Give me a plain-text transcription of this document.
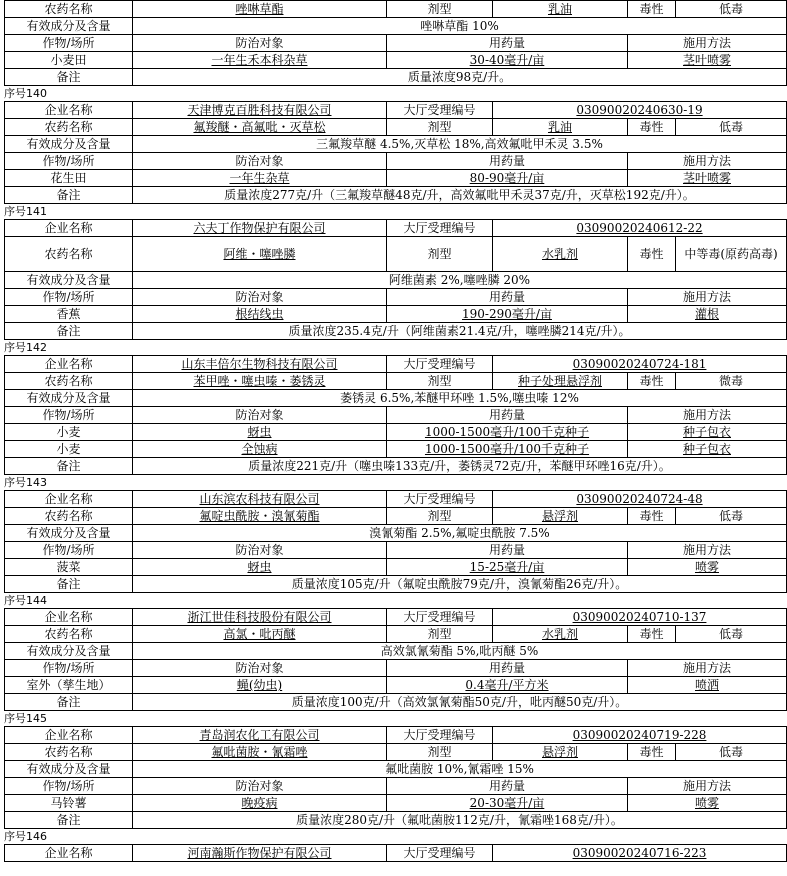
农药名称	唑啉草酯	剂型	乳油	毒性	低毒
有效成分及含量	唑啉草酯 10%
作物/场所	防治对象	用药量	施用方法
小麦田	一年生禾本科杂草	30-40毫升/亩	茎叶喷雾
备注	质量浓度98克/升。
序号 140
企业名称	天津博克百胜科技有限公司	大厅受理编号	03090020240630-19
农药名称	氟羧醚・高氟吡・灭草松	剂型	乳油	毒性	低毒
有效成分及含量	三氟羧草醚 4.5%,灭草松 18%,高效氟吡甲禾灵 3.5%
作物/场所	防治对象	用药量	施用方法
花生田	一年生杂草	80-90毫升/亩	茎叶喷雾
备注	质量浓度277克/升（三氟羧草醚48克/升，高效氟吡甲禾灵37克/升，灭草松192克/升）。
序号 141
企业名称	六夫丁作物保护有限公司	大厅受理编号	03090020240612-22
农药名称	阿维・噻唑膦	剂型	水乳剂	毒性	中等毒(原药高毒)
有效成分及含量	阿维菌素 2%,噻唑膦 20%
作物/场所	防治对象	用药量	施用方法
香蕉	根结线虫	190-290毫升/亩	灌根
备注	质量浓度235.4克/升（阿维菌素21.4克/升，噻唑膦214克/升）。
序号 142
企业名称	山东丰倍尔生物科技有限公司	大厅受理编号	03090020240724-181
农药名称	苯甲唑・噻虫嗪・萎锈灵	剂型	种子处理悬浮剂	毒性	微毒
有效成分及含量	萎锈灵 6.5%,苯醚甲环唑 1.5%,噻虫嗪 12%
作物/场所	防治对象	用药量	施用方法
小麦	蚜虫	1000-1500毫升/100千克种子	种子包衣
小麦	全蚀病	1000-1500毫升/100千克种子	种子包衣
备注	质量浓度221克/升（噻虫嗪133克/升，萎锈灵72克/升，苯醚甲环唑16克/升）。
序号 143
企业名称	山东滨农科技有限公司	大厅受理编号	03090020240724-48
农药名称	氟啶虫酰胺・溴氰菊酯	剂型	悬浮剂	毒性	低毒
有效成分及含量	溴氰菊酯 2.5%,氟啶虫酰胺 7.5%
作物/场所	防治对象	用药量	施用方法
菠菜	蚜虫	15-25毫升/亩	喷雾
备注	质量浓度105克/升（氟啶虫酰胺79克/升，溴氰菊酯26克/升）。
序号 144
企业名称	浙江世佳科技股份有限公司	大厅受理编号	03090020240710-137
农药名称	高氯・吡丙醚	剂型	水乳剂	毒性	低毒
有效成分及含量	高效氯氰菊酯 5%,吡丙醚 5%
作物/场所	防治对象	用药量	施用方法
室外（孳生地）	蝇(幼虫)	0.4毫升/平方米	喷洒
备注	质量浓度100克/升（高效氯氰菊酯50克/升，吡丙醚50克/升）。
序号 145
企业名称	青岛润农化工有限公司	大厅受理编号	03090020240719-228
农药名称	氟吡菌胺・氰霜唑	剂型	悬浮剂	毒性	低毒
有效成分及含量	氟吡菌胺 10%,氰霜唑 15%
作物/场所	防治对象	用药量	施用方法
马铃薯	晚疫病	20-30毫升/亩	喷雾
备注	质量浓度280克/升（氟吡菌胺112克/升，氰霜唑168克/升）。
序号 146
企业名称	河南瀚斯作物保护有限公司	大厅受理编号	03090020240716-223
